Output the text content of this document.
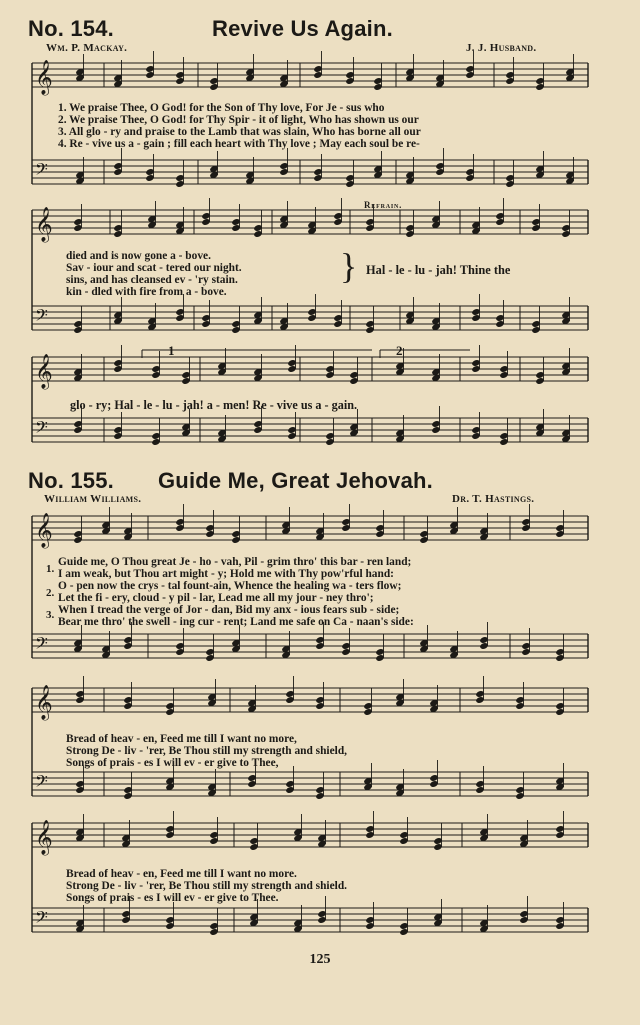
𝄞
𝄢
𝄞
𝄢
𝄞
𝄢
𝄞
𝄢
𝄞
𝄢
𝄞
𝄢
No. 154.	Revive Us Again.
Wm. P. Mackay.	J. J. Husband.
1. We praise Thee, O God! for the Son of Thy love, For Je - sus who
2. We praise Thee, O God! for Thy Spir - it of light, Who has shown us our
3. All glo - ry and praise to the Lamb that was slain, Who has borne all our
4. Re - vive us a - gain ; fill each heart with Thy love ; May each soul be re-
Refrain.
died and is now gone a - bove.
Sav - iour and scat - tered our night.
sins, and has cleansed ev - 'ry stain.
kin - dled with fire from a - bove.
} Hal - le - lu - jah! Thine the
1	2
glo - ry; Hal - le - lu - jah! a - men! Re - vive us a - gain.
No. 155. Guide Me, Great Jehovah.
William Williams.	Dr. T. Hastings.
1.
2.
3.
Guide me, O Thou great Je - ho - vah, Pil - grim thro' this bar - ren land;
I am weak, but Thou art might - y; Hold me with Thy pow'rful hand:
O - pen now the crys - tal fount-ain, Whence the healing wa - ters flow;
Let the fi - ery, cloud - y pil - lar, Lead me all my jour - ney thro';
When I tread the verge of Jor - dan, Bid my anx - ious fears sub - side;
Bear me thro' the swell - ing cur - rent; Land me safe on Ca - naan's side:
Bread of heav - en, Feed me till I want no more,
Strong De - liv - 'rer, Be Thou still my strength and shield,
Songs of prais - es I will ev - er give to Thee,
Bread of heav - en, Feed me till I want no more.
Strong De - liv - 'rer, Be Thou still my strength and shield.
Songs of prais - es I will ev - er give to Thee.
125
